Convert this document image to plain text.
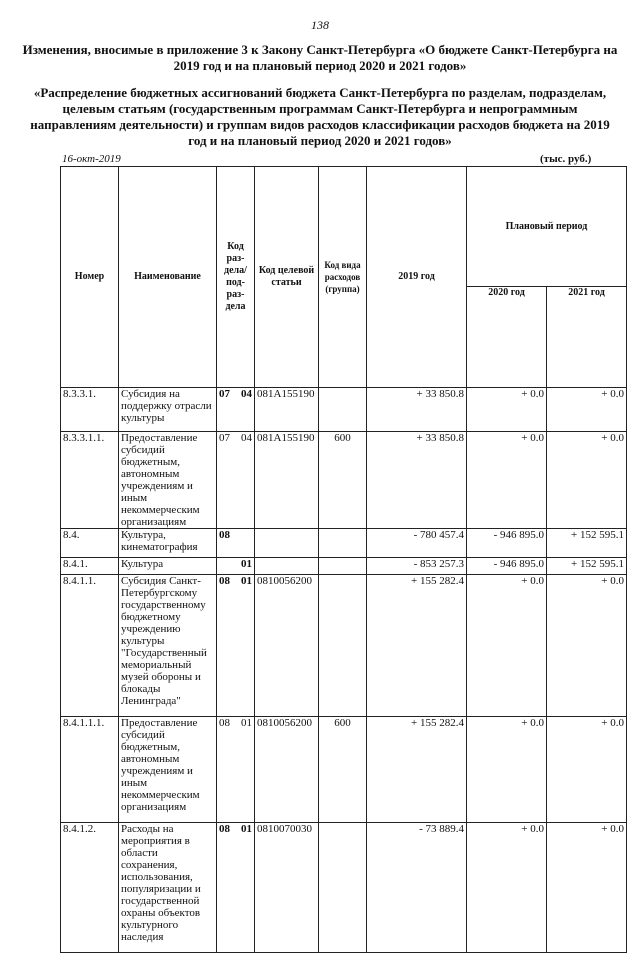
138
Изменения, вносимые в приложение 3 к Закону Санкт-Петербурга «О бюджете Санкт-Петербурга на 2019 год и на плановый период 2020 и 2021 годов»
«Распределение бюджетных ассигнований бюджета Санкт-Петербурга по разделам, подразделам, целевым статьям (государственным программам Санкт-Петербурга и непрограммным направлениям деятельности) и группам видов расходов классификации расходов бюджета на 2019 год и на плановый период 2020 и 2021 годов»
16-окт-2019	(тыс. руб.)
Номер	Наименование	Код раз-дела/ под-раз-дела	Код целевой статьи	Код вида расходов (группа)	2019 год	Плановый период	
						2020 год	2021 год
8.3.3.1.	Субсидия на поддержку отрасли культуры	07 04	081A155190		+ 33 850.8	+ 0.0	+ 0.0
8.3.3.1.1.	Предоставление субсидий бюджетным, автономным учреждениям и иным некоммерческим организациям	07 04	081A155190	600	+ 33 850.8	+ 0.0	+ 0.0
8.4.	Культура, кинематография	08			- 780 457.4	- 946 895.0	+ 152 595.1
8.4.1.	Культура	01			- 853 257.3	- 946 895.0	+ 152 595.1
8.4.1.1.	Субсидия Санкт-Петербургскому государственному бюджетному учреждению культуры "Государственный мемориальный музей обороны и блокады Ленинграда"	08 01	0810056200		+ 155 282.4	+ 0.0	+ 0.0
8.4.1.1.1.	Предоставление субсидий бюджетным, автономным учреждениям и иным некоммерческим организациям	08 01	0810056200	600	+ 155 282.4	+ 0.0	+ 0.0
8.4.1.2.	Расходы на мероприятия в области сохранения, использования, популяризации и государственной охраны объектов культурного наследия	08 01	0810070030		- 73 889.4	+ 0.0	+ 0.0
